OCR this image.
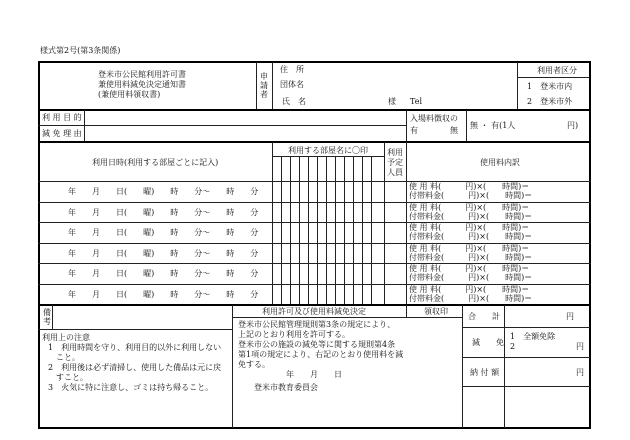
様式第2号(第3条関係)
登米市公民館利用許可書
兼使用料減免決定通知書
(兼使用料領収書)
申
請
者
住　所
団体名
氏　名	様 Tel
利用者区分
1　登米市内
2　登米市外
利 用 目 的
減 免 理 由
入場料徴収の
有　　　　無
無 ・ 有(1人	円)
利用日時(利用する部屋ごとに記入)
利用する部屋名に〇印 利用
予定
人員
使用料内訳
年　　月　　日(　　曜)　　時　　分〜　　時　　分
使 用 料(　　　円)×(　　時間)＝
付帯料金(　　　円)×(　　時間)＝
年　　月　　日(　　曜)　　時　　分〜　　時　　分
使 用 料(　　　円)×(　　時間)＝
付帯料金(　　　円)×(　　時間)＝
年　　月　　日(　　曜)　　時　　分〜　　時　　分
使 用 料(　　　円)×(　　時間)＝
付帯料金(　　　円)×(　　時間)＝
年　　月　　日(　　曜)　　時　　分〜　　時　　分
使 用 料(　　　円)×(　　時間)＝
付帯料金(　　　円)×(　　時間)＝
年　　月　　日(　　曜)　　時　　分〜　　時　　分
使 用 料(　　　円)×(　　時間)＝
付帯料金(　　　円)×(　　時間)＝
年　　月　　日(　　曜)　　時　　分〜　　時　　分
使 用 料(　　　円)×(　　時間)＝
付帯料金(　　　円)×(　　時間)＝
備
考
利用許可及び使用料減免決定	領収印
登米市公民館管理規則第3条の規定により、
上記のとおり利用を許可する。
登米市公の施設の減免等に関する規則第4条
第1項の規定により、右記のとおり使用料を減
免する。
年　　月　　日
登米市教育委員会
合　　計	円
減　　免
1　全額免除
2	円
納 付 額	円
利用上の注意
1　利用時間を守り、利用目的以外に利用しない
　こと。
2　利用後は必ず清掃し、使用した備品は元に戻
　すこと。
3　火気に特に注意し、ゴミは持ち帰ること。
